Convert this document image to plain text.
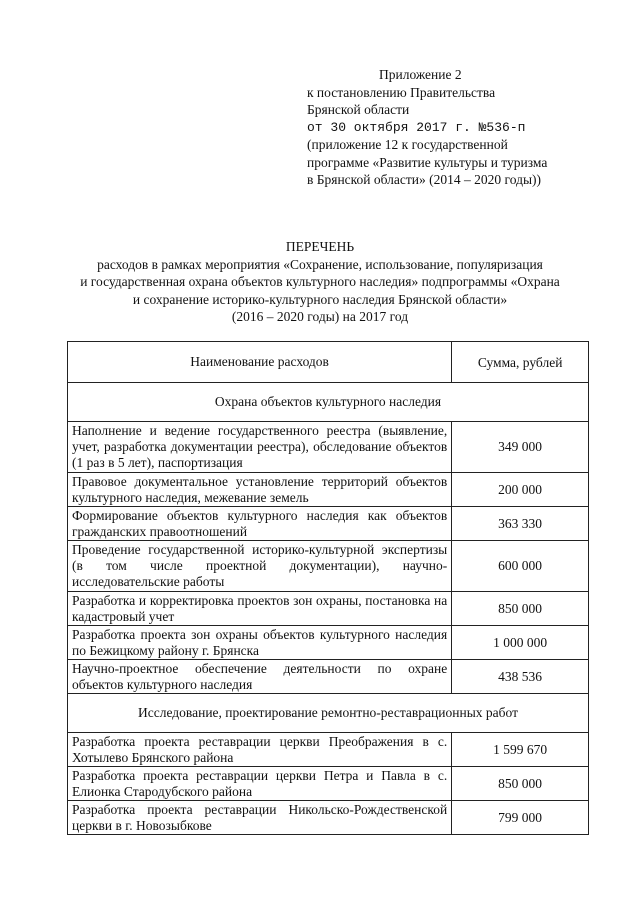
Приложение 2
к постановлению Правительства
Брянской области
от 30 октября 2017 г. №536-п
(приложение 12 к государственной
программе «Развитие культуры и туризма
в Брянской области» (2014 – 2020 годы))
ПЕРЕЧЕНЬ
расходов в рамках мероприятия «Сохранение, использование, популяризация
и государственная охрана объектов культурного наследия» подпрограммы «Охрана
и сохранение историко-культурного наследия Брянской области»
(2016 – 2020 годы) на 2017 год
Наименование расходов	Сумма, рублей
Охрана объектов культурного наследия	
Наполнение и ведение государственного реестра (выявление, учет, разработка документации реестра), обследование объектов (1 раз в 5 лет), паспортизация	349 000
Правовое документальное установление территорий объектов культурного наследия, межевание земель	200 000
Формирование объектов культурного наследия как объектов гражданских правоотношений	363 330
Проведение государственной историко-культурной экспертизы (в том числе проектной документации), научно-исследовательские работы	600 000
Разработка и корректировка проектов зон охраны, постановка на кадастровый учет	850 000
Разработка проекта зон охраны объектов культурного наследия по Бежицкому району г. Брянска	1 000 000
Научно-проектное обеспечение деятельности по охране объектов культурного наследия	438 536
Исследование, проектирование ремонтно-реставрационных работ	
Разработка проекта реставрации церкви Преображения в с. Хотылево Брянского района	1 599 670
Разработка проекта реставрации церкви Петра и Павла в с. Елионка Стародубского района	850 000
Разработка проекта реставрации Никольско-Рождественской церкви в г. Новозыбкове	799 000
